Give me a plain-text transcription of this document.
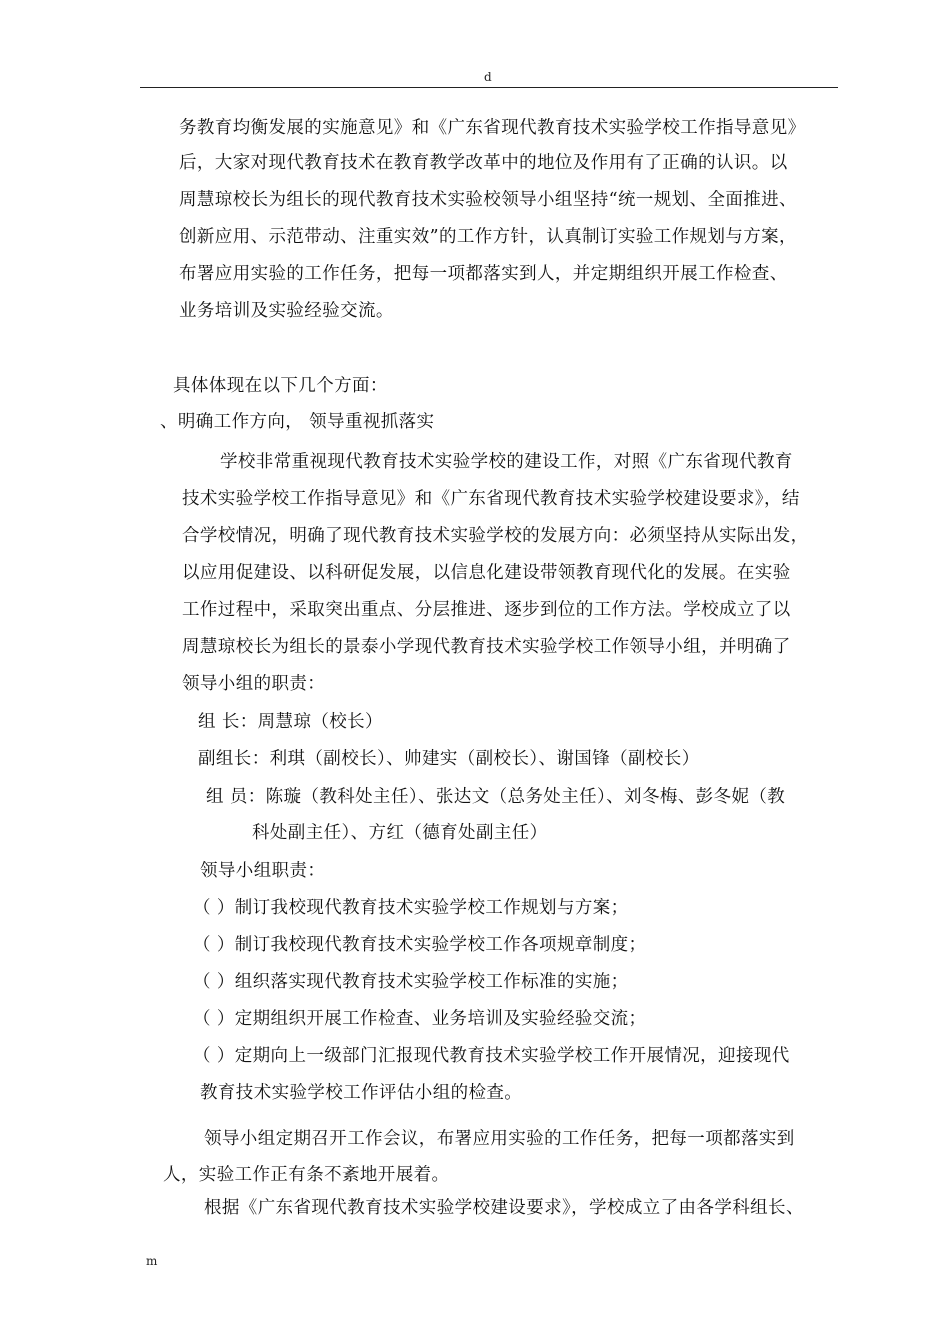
d
务教育均衡发展的实施意见》和《广东省现代教育技术实验学校工作指导意见》
后，大家对现代教育技术在教育教学改革中的地位及作用有了正确的认识。以
周慧琼校长为组长的现代教育技术实验校领导小组坚持“统一规划、全面推进、
创新应用、示范带动、注重实效”的工作方针，认真制订实验工作规划与方案，
布署应用实验的工作任务，把每一项都落实到人，并定期组织开展工作检查、
业务培训及实验经验交流。
具体体现在以下几个方面：
、明确工作方向， 领导重视抓落实
学校非常重视现代教育技术实验学校的建设工作，对照《广东省现代教育
技术实验学校工作指导意见》和《广东省现代教育技术实验学校建设要求》，结
合学校情况，明确了现代教育技术实验学校的发展方向：必须坚持从实际出发，
以应用促建设、以科研促发展，以信息化建设带领教育现代化的发展。在实验
工作过程中，采取突出重点、分层推进、逐步到位的工作方法。学校成立了以
周慧琼校长为组长的景泰小学现代教育技术实验学校工作领导小组，并明确了
领导小组的职责：
组 长：周慧琼（校长）
副组长：利琪（副校长）、帅建实（副校长）、谢国锋（副校长）
组 员：陈璇（教科处主任）、张达文（总务处主任）、刘冬梅、彭冬妮（教
科处副主任）、方红（德育处副主任）
领导小组职责：
（ ）制订我校现代教育技术实验学校工作规划与方案；
（ ）制订我校现代教育技术实验学校工作各项规章制度；
（ ）组织落实现代教育技术实验学校工作标准的实施；
（ ）定期组织开展工作检查、业务培训及实验经验交流；
（ ）定期向上一级部门汇报现代教育技术实验学校工作开展情况，迎接现代
教育技术实验学校工作评估小组的检查。
领导小组定期召开工作会议，布署应用实验的工作任务，把每一项都落实到
人，实验工作正有条不紊地开展着。
根据《广东省现代教育技术实验学校建设要求》，学校成立了由各学科组长、
m
